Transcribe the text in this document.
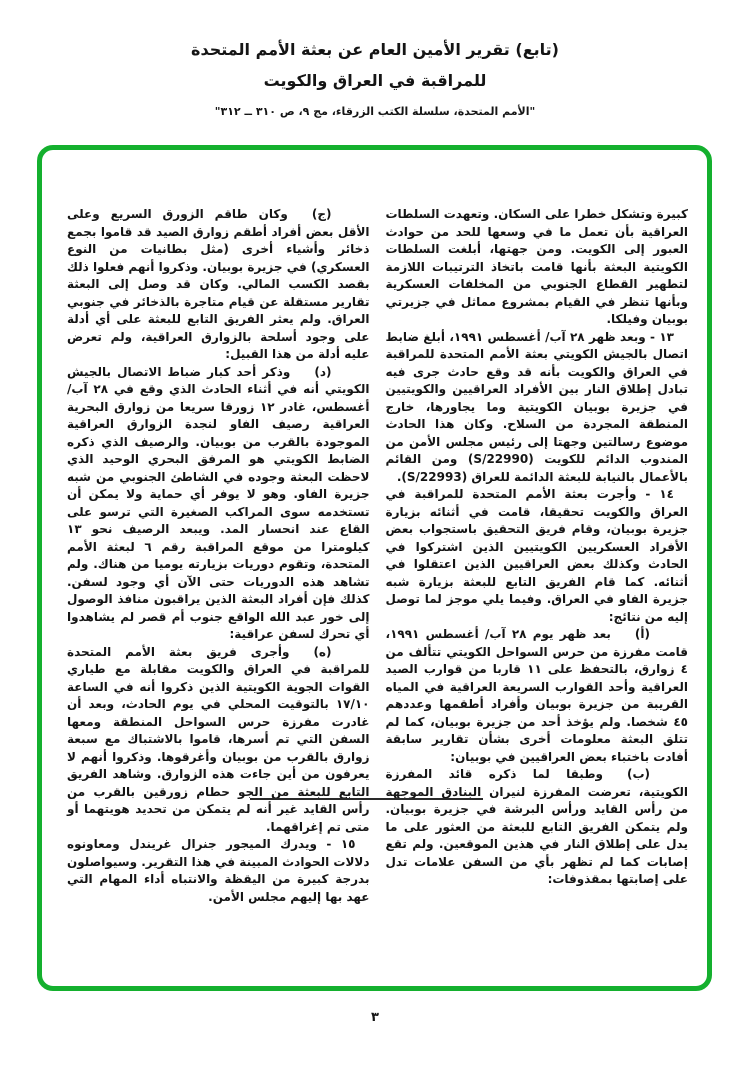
(تابع) تقرير الأمين العام عن بعثة الأمم المتحدة
للمراقبة في العراق والكويت
"الأمم المتحدة، سلسلة الكتب الزرقاء، مج ٩، ص ٣١٠ ــ ٣١٢"

كبيرة وتشكل خطرا على السكان. وتعهدت السلطات العراقية بأن تعمل ما في وسعها للحد من حوادث العبور إلى الكويت. ومن جهتها، أبلغت السلطات الكويتية البعثة بأنها قامت باتخاذ الترتيبات اللازمة لتطهير القطاع الجنوبي من المخلفات العسكرية وبأنها تنظر في القيام بمشروع مماثل في جزيرتي بوبيان وفيلكا.

١٣ - وبعد ظهر ٢٨ آب/ أغسطس ١٩٩١، أبلغ ضابط اتصال بالجيش الكويتي بعثة الأمم المتحدة للمراقبة في العراق والكويت بأنه قد وقع حادث جرى فيه تبادل إطلاق النار بين الأفراد العراقيين والكويتيين في جزيرة بوبيان الكويتية وما يجاورها، خارج المنطقة المجردة من السلاح. وكان هذا الحادث موضوع رسالتين وجهتا إلى رئيس مجلس الأمن من المندوب الدائم للكويت (S/22990) ومن القائم بالأعمال بالنيابة للبعثة الدائمة للعراق (S/22993).

١٤ - وأجرت بعثة الأمم المتحدة للمراقبة في العراق والكويت تحقيقا، قامت في أثنائه بزيارة جزيرة بوبيان، وقام فريق التحقيق باستجواب بعض الأفراد العسكريين الكويتيين الذين اشتركوا في الحادث وكذلك بعض العراقيين الذين اعتقلوا في أثنائه. كما قام الفريق التابع للبعثة بزيارة شبه جزيرة الفاو في العراق. وفيما يلي موجز لما توصل إليه من نتائج:

(أ)بعد ظهر يوم ٢٨ آب/ أغسطس ١٩٩١، قامت مفرزة من حرس السواحل الكويتي تتألف من ٤ زوارق، بالتحفظ على ١١ قاربا من قوارب الصيد العراقية وأحد القوارب السريعة العراقية في المياه القريبة من جزيرة بوبيان وأفراد أطقمها وعددهم ٤٥ شخصا. ولم يؤخذ أحد من جزيرة بوبيان، كما لم تتلق البعثة معلومات أخرى بشأن تقارير سابقة أفادت باختباء بعض العراقيين في بوبيان:

(ب)وطبقا لما ذكره قائد المفرزة الكويتية، تعرضت المفرزة لنيران البنادق الموجهة من رأس القايد ورأس البرشة في جزيرة بوبيان. ولم يتمكن الفريق التابع للبعثة من العثور على ما يدل على إطلاق النار في هذين الموقعين. ولم تقع إصابات كما لم تظهر بأي من السفن علامات تدل على إصابتها بمقذوفات:

(ج)وكان طاقم الزورق السريع وعلى الأقل بعض أفراد أطقم زوارق الصيد قد قاموا بجمع ذخائر وأشياء أخرى (مثل بطانيات من النوع العسكري) في جزيرة بوبيان. وذكروا أنهم فعلوا ذلك بقصد الكسب المالي. وكان قد وصل إلى البعثة تقارير مستقلة عن قيام متاجرة بالذخائر في جنوبي العراق. ولم يعثر الفريق التابع للبعثة على أي أدلة على وجود أسلحة بالزوارق العراقية، ولم تعرض عليه أدلة من هذا القبيل:

(د)وذكر أحد كبار ضباط الاتصال بالجيش الكويتي أنه في أثناء الحادث الذي وقع في ٢٨ آب/ أغسطس، غادر ١٢ زورقا سريعا من زوارق البحرية العراقية رصيف الفاو لنجدة الزوارق العراقية الموجودة بالقرب من بوبيان. والرصيف الذي ذكره الضابط الكويتي هو المرفق البحري الوحيد الذي لاحظت البعثة وجوده في الشاطئ الجنوبي من شبه جزيرة الفاو. وهو لا يوفر أي حماية ولا يمكن أن تستخدمه سوى المراكب الصغيرة التي ترسو على القاع عند انحسار المد. ويبعد الرصيف نحو ١٣ كيلومترا من موقع المراقبة رقم ٦ لبعثة الأمم المتحدة، وتقوم دوريات بزيارته يوميا من هناك. ولم تشاهد هذه الدوريات حتى الآن أي وجود لسفن. كذلك فإن أفراد البعثة الذين يراقبون منافذ الوصول إلى خور عبد الله الواقع جنوب أم قصر لم يشاهدوا أي تحرك لسفن عراقية:

(ه)وأجرى فريق بعثة الأمم المتحدة للمراقبة في العراق والكويت مقابلة مع طياري القوات الجوية الكويتية الذين ذكروا أنه في الساعة ١٧/١٠ بالتوقيت المحلي في يوم الحادث، وبعد أن غادرت مفرزة حرس السواحل المنطقة ومعها السفن التي تم أسرها، قاموا بالاشتباك مع سبعة زوارق بالقرب من بوبيان وأغرقوها. وذكروا أنهم لا يعرفون من أين جاءت هذه الزوارق. وشاهد الفريق التابع للبعثة من الجو حطام زورقين بالقرب من رأس القايد غير أنه لم يتمكن من تحديد هويتهما أو متى تم إغراقهما.

١٥ - ويدرك الميجور جنرال غريندل ومعاونوه دلالات الحوادث المبينة في هذا التقرير. وسيواصلون بدرجة كبيرة من اليقظة والانتباه أداء المهام التي عهد بها إليهم مجلس الأمن.

٣
